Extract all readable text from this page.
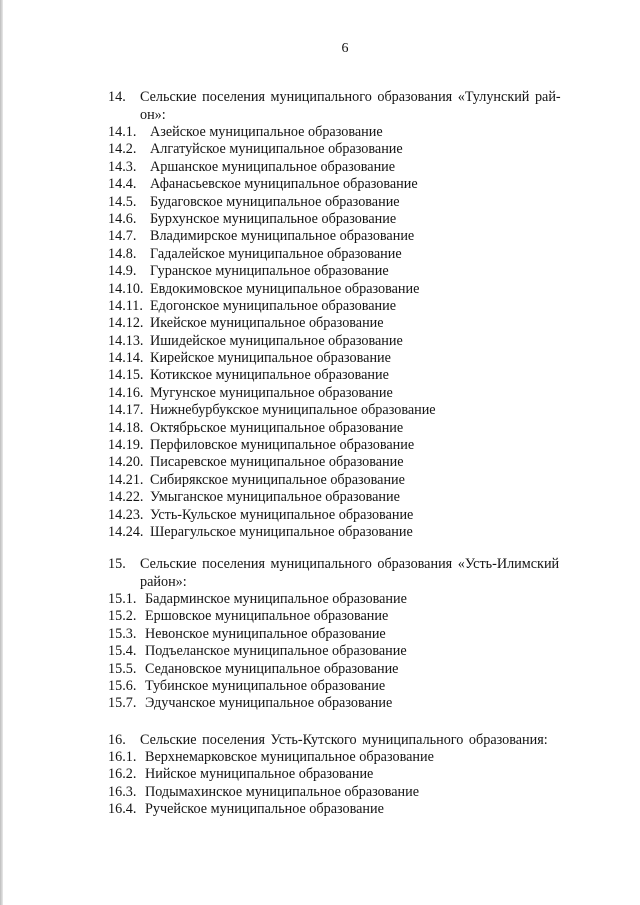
6
14.	Сельские поселения муниципального образования «Тулунский рай-
он»:
14.1. Азейское муниципальное образование
14.2. Алгатуйское муниципальное образование
14.3. Аршанское муниципальное образование
14.4. Афанасьевское муниципальное образование
14.5. Будаговское муниципальное образование
14.6. Бурхунское муниципальное образование
14.7. Владимирское муниципальное образование
14.8. Гадалейское муниципальное образование
14.9. Гуранское муниципальное образование
14.10. Евдокимовское муниципальное образование
14.11. Едогонское муниципальное образование
14.12. Икейское муниципальное образование
14.13. Ишидейское муниципальное образование
14.14. Кирейское муниципальное образование
14.15. Котикское муниципальное образование
14.16. Мугунское муниципальное образование
14.17. Нижнебурбукское муниципальное образование
14.18. Октябрьское муниципальное образование
14.19. Перфиловское муниципальное образование
14.20. Писаревское муниципальное образование
14.21. Сибирякское муниципальное образование
14.22. Умыганское муниципальное образование
14.23. Усть-Кульское муниципальное образование
14.24. Шерагульское муниципальное образование
15.	Сельские поселения муниципального образования «Усть-Илимский
район»:
15.1. Бадарминское муниципальное образование
15.2. Ершовское муниципальное образование
15.3. Невонское муниципальное образование
15.4. Подъеланское муниципальное образование
15.5. Седановское муниципальное образование
15.6. Тубинское муниципальное образование
15.7. Эдучанское муниципальное образование
16.	Сельские поселения Усть-Кутского муниципального образования:
16.1. Верхнемарковское муниципальное образование
16.2. Нийское муниципальное образование
16.3. Подымахинское муниципальное образование
16.4. Ручейское муниципальное образование
